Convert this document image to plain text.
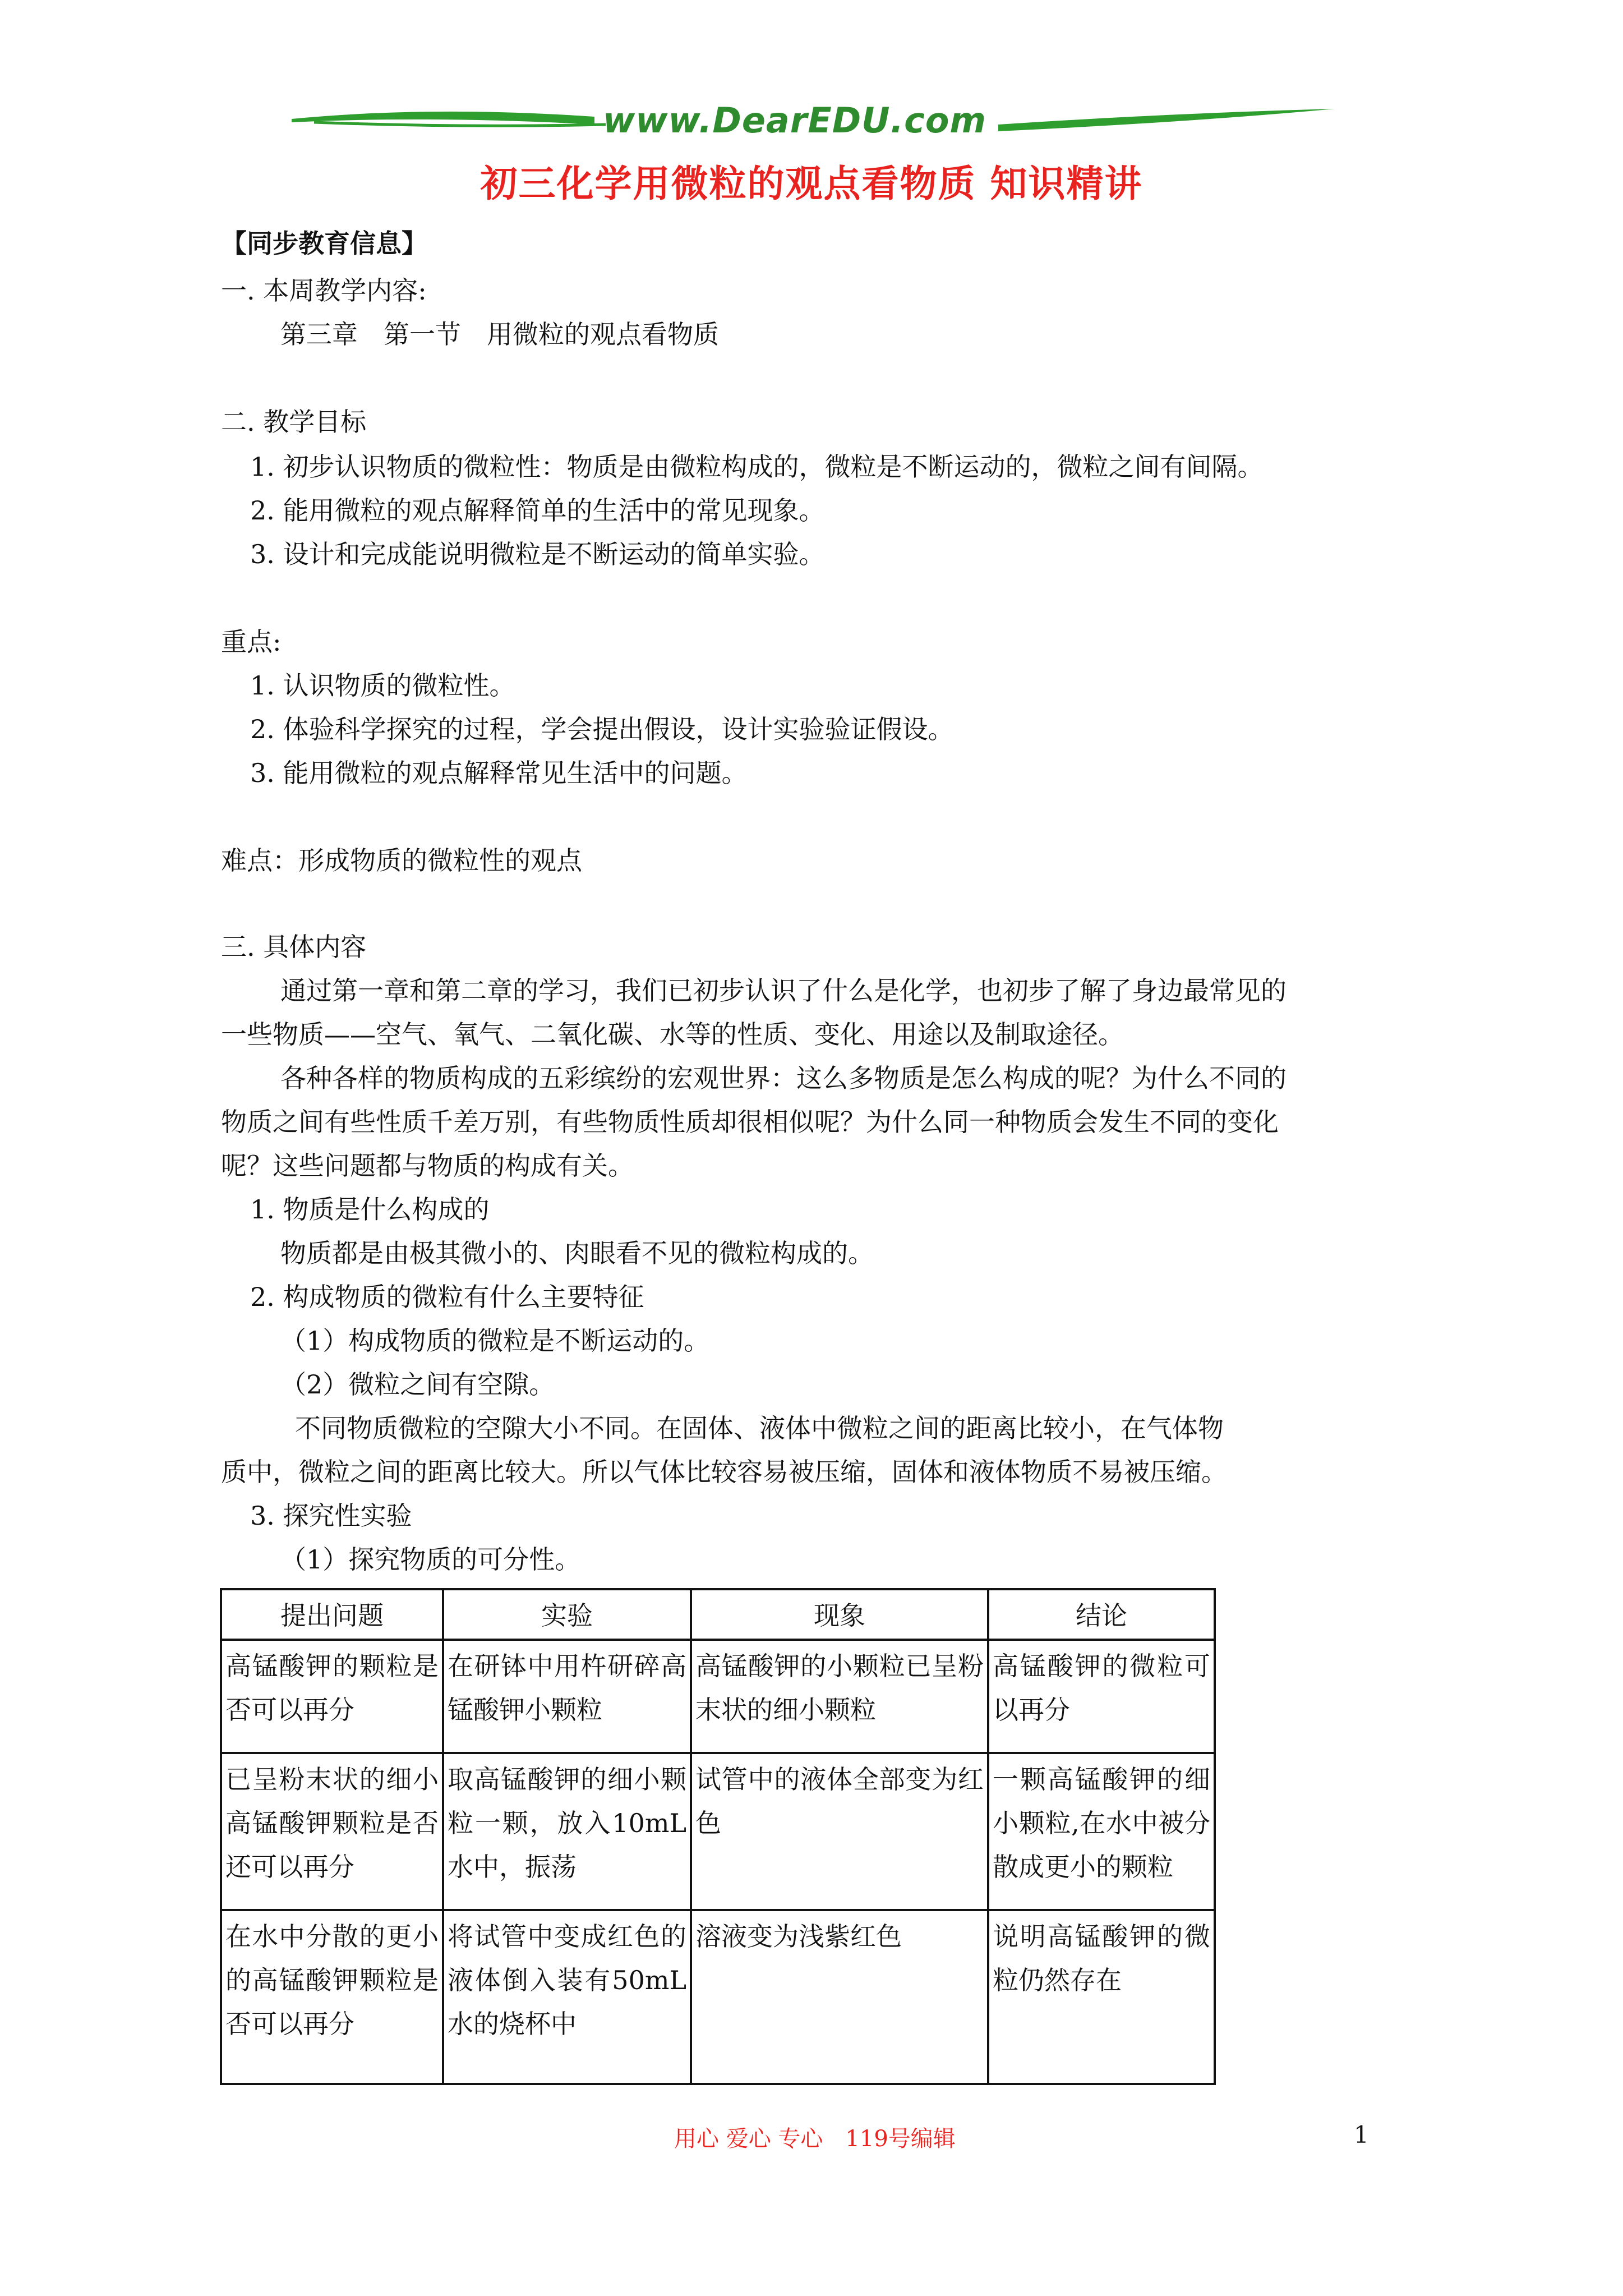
www.DearEDU.com
初三化学用微粒的观点看物质 知识精讲
【同步教育信息】
一. 本周教学内容:
第三章　第一节　用微粒的观点看物质
二. 教学目标
1. 初步认识物质的微粒性：物质是由微粒构成的，微粒是不断运动的，微粒之间有间隔。
2. 能用微粒的观点解释简单的生活中的常见现象。
3. 设计和完成能说明微粒是不断运动的简单实验。
重点:
1. 认识物质的微粒性。
2. 体验科学探究的过程，学会提出假设，设计实验验证假设。
3. 能用微粒的观点解释常见生活中的问题。
难点：形成物质的微粒性的观点
三. 具体内容
通过第一章和第二章的学习，我们已初步认识了什么是化学，也初步了解了身边最常见的
一些物质——空气、氧气、二氧化碳、水等的性质、变化、用途以及制取途径。
各种各样的物质构成的五彩缤纷的宏观世界：这么多物质是怎么构成的呢？为什么不同的
物质之间有些性质千差万别，有些物质性质却很相似呢？为什么同一种物质会发生不同的变化
呢？这些问题都与物质的构成有关。
1. 物质是什么构成的
物质都是由极其微小的、肉眼看不见的微粒构成的。
2. 构成物质的微粒有什么主要特征
（1）构成物质的微粒是不断运动的。
（2）微粒之间有空隙。
不同物质微粒的空隙大小不同。在固体、液体中微粒之间的距离比较小，在气体物
质中，微粒之间的距离比较大。所以气体比较容易被压缩，固体和液体物质不易被压缩。
3. 探究性实验
（1）探究物质的可分性。
提出问题	实验	现象	结论
高锰酸钾的颗粒是否可以再分	在研钵中用杵研碎高锰酸钾小颗粒	高锰酸钾的小颗粒已呈粉末状的细小颗粒	高锰酸钾的微粒可以再分
已呈粉末状的细小高锰酸钾颗粒是否还可以再分	取高锰酸钾的细小颗粒一颗，放入10mL水中，振荡	试管中的液体全部变为红色	一颗高锰酸钾的细小颗粒,在水中被分散成更小的颗粒
在水中分散的更小的高锰酸钾颗粒是否可以再分	将试管中变成红色的液体倒入装有50mL水的烧杯中	溶液变为浅紫红色	说明高锰酸钾的微粒仍然存在
用心 爱心 专心　119号编辑	1
